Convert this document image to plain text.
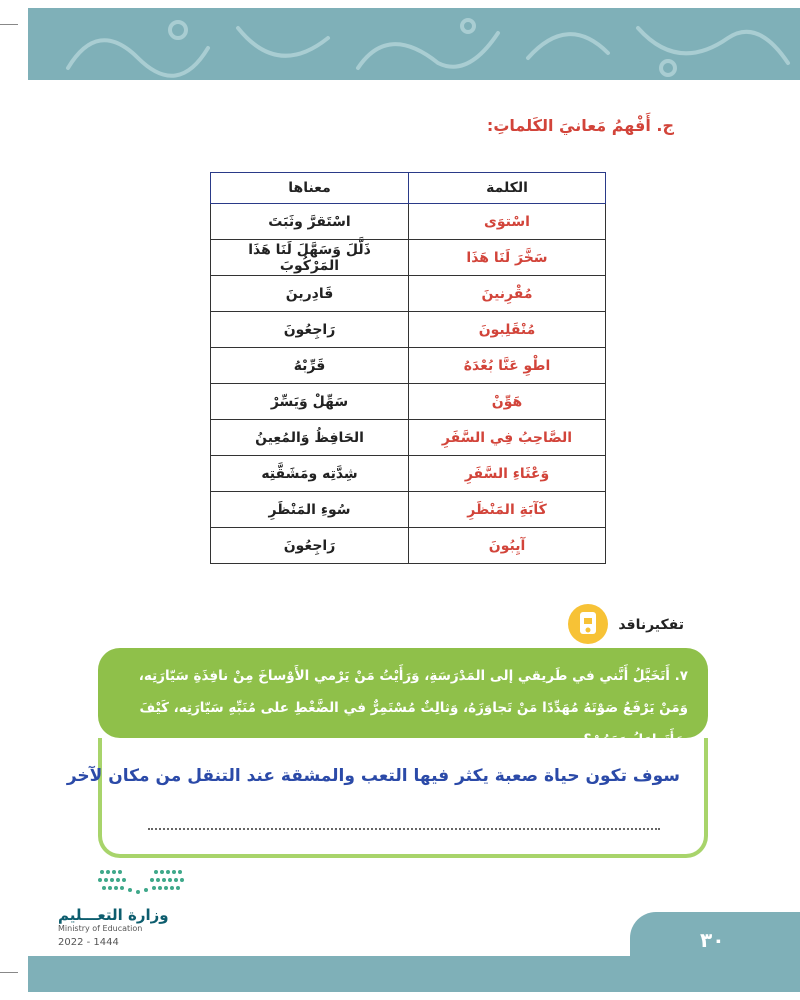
ج. أَفْهمُ مَعانيَ الكَلماتِ:
الكلمة	معناها
اسْتوَى	اسْتَقرَّ وثَبَتَ
سَخَّرَ لَنَا هَذَا	ذَلَّلَ وَسَهَّلَ لَنَا هَذَا المَرْكُوبَ
مُقْرِنينَ	قَادِرينَ
مُنْقَلِبونَ	رَاجِعُونَ
اطْوِ عَنَّا بُعْدَهُ	قَرِّبْهُ
هَوِّنْ	سَهِّلْ وَيَسِّرْ
الصَّاحِبُ فِي السَّفَرِ	الحَافِظُ وَالمُعِينُ
وَعْثَاءِ السَّفَرِ	شِدَّتِه ومَشَقَّتِه
كَآبَةِ المَنْظَرِ	سُوءِ المَنْظَرِ
آيِبُونَ	رَاجِعُونَ
تفكيرناقد
٧. أَتَخَيَّلُ أَنَّني في طَريقي إلى المَدْرَسَةِ، وَرَأَيْتُ مَنْ يَرْمي الأَوْساخَ مِنْ نافِذَةِ سَيّارَتِه، وَمَنْ يَرْفَعُ صَوْتَهُ مُهَدِّدًا مَنْ تَجاوَزَهُ، وَثالِثٌ مُسْتَمِرٌّ في الضَّغْطِ على مُنَبِّهِ سَيّارَتِه، كَيْفَ سَأَتَعامَلُ مَعَهُمْ؟
سوف تكون حياة صعبة يكثر فيها التعب والمشقة عند التنقل من مكان لآخر
وزارة التعـــليم
Ministry of Education
2022 - 1444	٣٠
